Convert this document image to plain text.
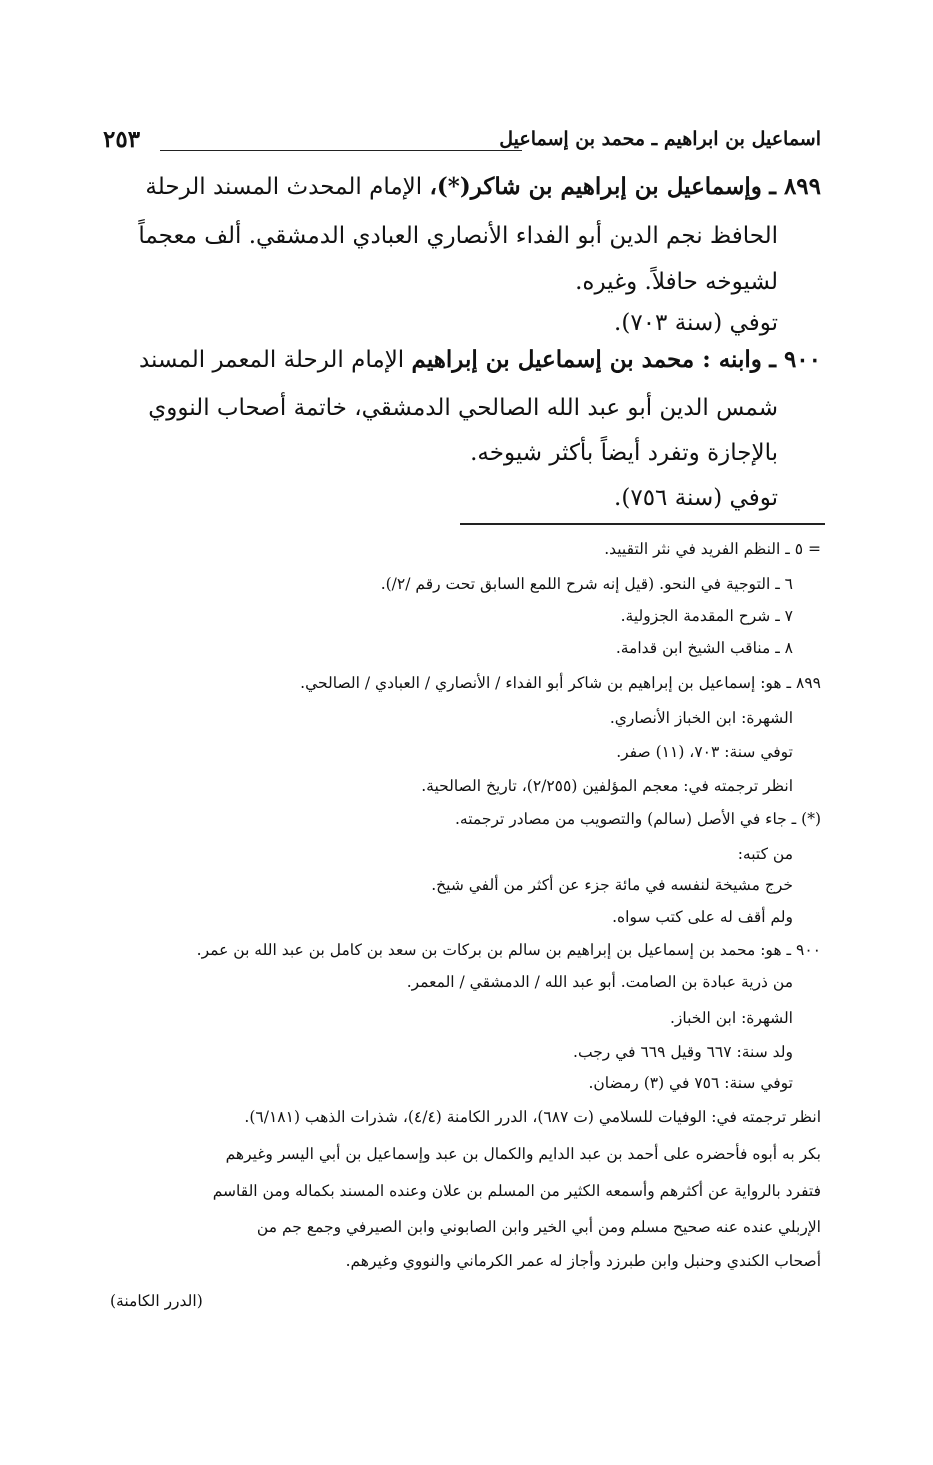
اسماعيل بن ابراهيم ـ محمد بن إسماعيل
٢٥٣
٨٩٩ ـ وإسماعيل بن إبراهيم بن شاكر(*)، الإمام المحدث المسند الرحلة
الحافظ نجم الدين أبو الفداء الأنصاري العبادي الدمشقي. ألف معجماً
لشيوخه حافلاً. وغيره.
توفي (سنة ٧٠٣).
٩٠٠ ـ وابنه : محمد بن إسماعيل بن إبراهيم الإمام الرحلة المعمر المسند
شمس الدين أبو عبد الله الصالحي الدمشقي، خاتمة أصحاب النووي
بالإجازة وتفرد أيضاً بأكثر شيوخه.
توفي (سنة ٧٥٦).
= ٥ ـ النظم الفريد في نثر التقييد.
٦ ـ التوجية في النحو. (قيل إنه شرح اللمع السابق تحت رقم /٢/).
٧ ـ شرح المقدمة الجزولية.
٨ ـ مناقب الشيخ ابن قدامة.
٨٩٩ ـ هو: إسماعيل بن إبراهيم بن شاكر أبو الفداء / الأنصاري / العبادي / الصالحي.
الشهرة: ابن الخباز الأنصاري.
توفي سنة: ٧٠٣، (١١) صفر.
انظر ترجمته في: معجم المؤلفين (٢/٢٥٥)، تاريخ الصالحية.
(*) ـ جاء في الأصل (سالم) والتصويب من مصادر ترجمته.
من كتبه:
خرج مشيخة لنفسه في مائة جزء عن أكثر من ألفي شيخ.
ولم أقف له على كتب سواه.
٩٠٠ ـ هو: محمد بن إسماعيل بن إبراهيم بن سالم بن بركات بن سعد بن كامل بن عبد الله بن عمر.
من ذرية عبادة بن الصامت. أبو عبد الله / الدمشقي / المعمر.
الشهرة: ابن الخباز.
ولد سنة: ٦٦٧ وقيل ٦٦٩ في رجب.
توفي سنة: ٧٥٦ في (٣) رمضان.
انظر ترجمته في: الوفيات للسلامي (ت ٦٨٧)، الدرر الكامنة (٤/٤)، شذرات الذهب (٦/١٨١).
بكر به أبوه فأحضره على أحمد بن عبد الدايم والكمال بن عبد وإسماعيل بن أبي اليسر وغيرهم
فتفرد بالرواية عن أكثرهم وأسمعه الكثير من المسلم بن علان وعنده المسند بكماله ومن القاسم
الإربلي عنده عنه صحيح مسلم ومن أبي الخير وابن الصابوني وابن الصيرفي وجمع جم من
أصحاب الكندي وحنبل وابن طبرزد وأجاز له عمر الكرماني والنووي وغيرهم.
(الدرر الكامنة)
